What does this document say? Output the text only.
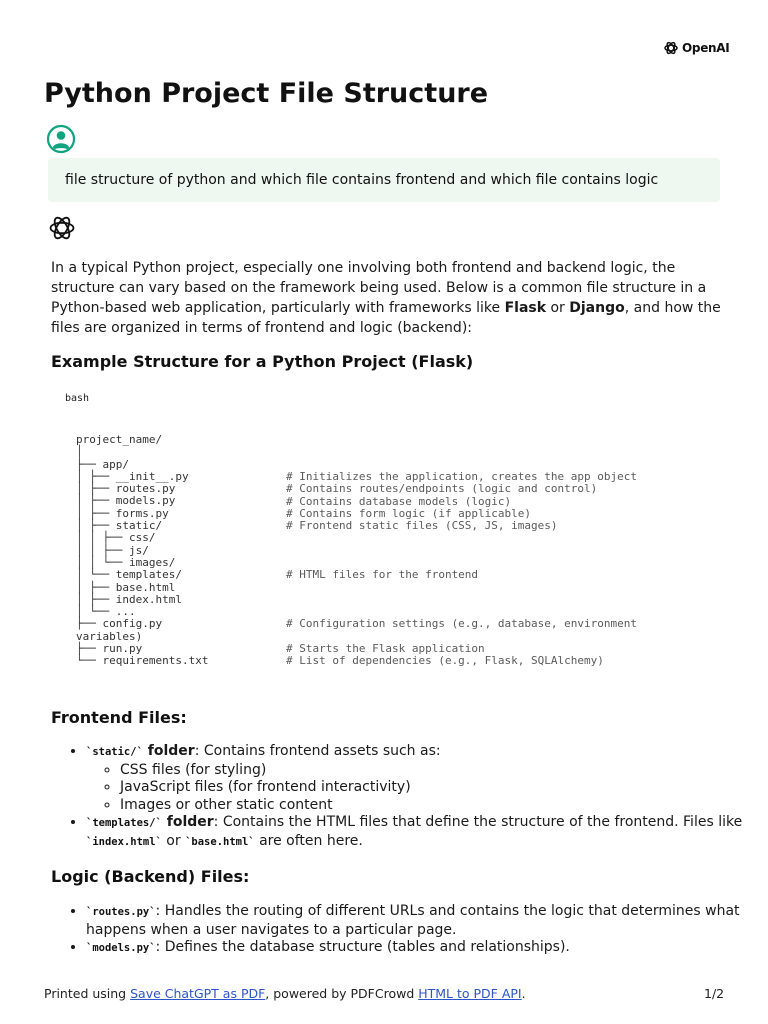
OpenAI
Python Project File Structure
file structure of python and which file contains frontend and which file contains logic

In a typical Python project, especially one involving both frontend and backend logic, the structure can vary based on the framework being used. Below is a common file structure in a Python-based web application, particularly with frameworks like Flask or Django, and how the files are organized in terms of frontend and logic (backend):

Example Structure for a Python Project (Flask)
bash
project_name/
│
├── app/
│ ├── __init__.py
│ ├── routes.py
│ ├── models.py
│ ├── forms.py
│ ├── static/
│ │ ├── css/
│ │ ├── js/
│ │ └── images/
│ └── templates/
│ ├── base.html
│ ├── index.html
│ └── ...
├── config.py
variables)
├── run.py
└── requirements.txt
# Initializes the application, creates the app object
# Contains routes/endpoints (logic and control)
# Contains database models (logic)
# Contains form logic (if applicable)
# Frontend static files (CSS, JS, images)
# HTML files for the frontend
# Configuration settings (e.g., database, environment
# Starts the Flask application
# List of dependencies (e.g., Flask, SQLAlchemy)
Frontend Files:
• `static/` folder: Contains frontend assets such as:
◦ CSS files (for styling)
◦ JavaScript files (for frontend interactivity)
◦ Images or other static content
• `templates/` folder: Contains the HTML files that define the structure of the frontend. Files like `index.html` or `base.html` are often here.
Logic (Backend) Files:
• `routes.py`: Handles the routing of different URLs and contains the logic that determines what happens when a user navigates to a particular page.
• `models.py`: Defines the database structure (tables and relationships).
Printed using Save ChatGPT as PDF, powered by PDFCrowd HTML to PDF API.	1/2
